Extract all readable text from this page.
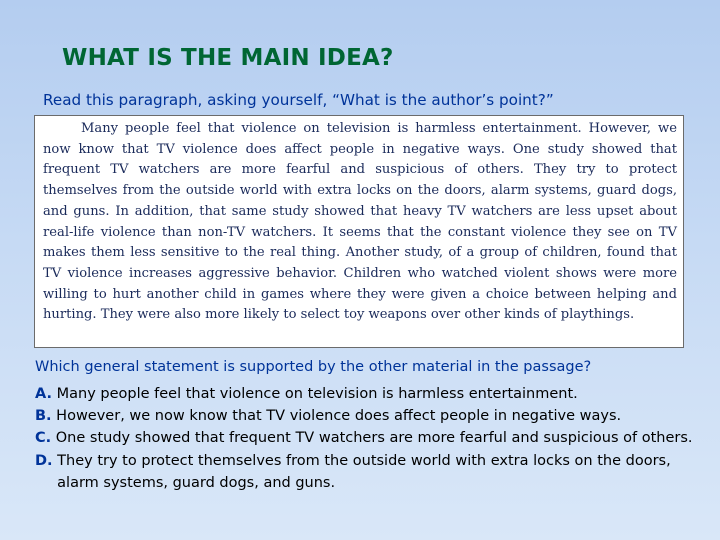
WHAT IS THE MAIN IDEA?
Read this paragraph, asking yourself, “What is the author’s point?”

Many people feel that violence on television is harmless entertainment. However, we now know that TV violence does affect people in negative ways. One study showed that frequent TV watchers are more fearful and suspicious of others. They try to protect themselves from the outside world with extra locks on the doors, alarm systems, guard dogs, and guns. In addition, that same study showed that heavy TV watchers are less upset about real-life violence than non-TV watchers. It seems that the constant violence they see on TV makes them less sensitive to the real thing. Another study, of a group of children, found that TV violence increases aggressive behavior. Children who watched violent shows were more willing to hurt another child in games where they were given a choice between helping and hurting. They were also more likely to select toy weapons over other kinds of playthings.

Which general statement is supported by the other material in the passage?
A.
Many people feel that violence on television is harmless entertainment.
B.
However, we now know that TV violence does affect people in negative ways.
C.
One study showed that frequent TV watchers are more fearful and suspicious of others.
D.
They try to protect themselves from the outside world with extra locks on the doors, alarm systems, guard dogs, and guns.
